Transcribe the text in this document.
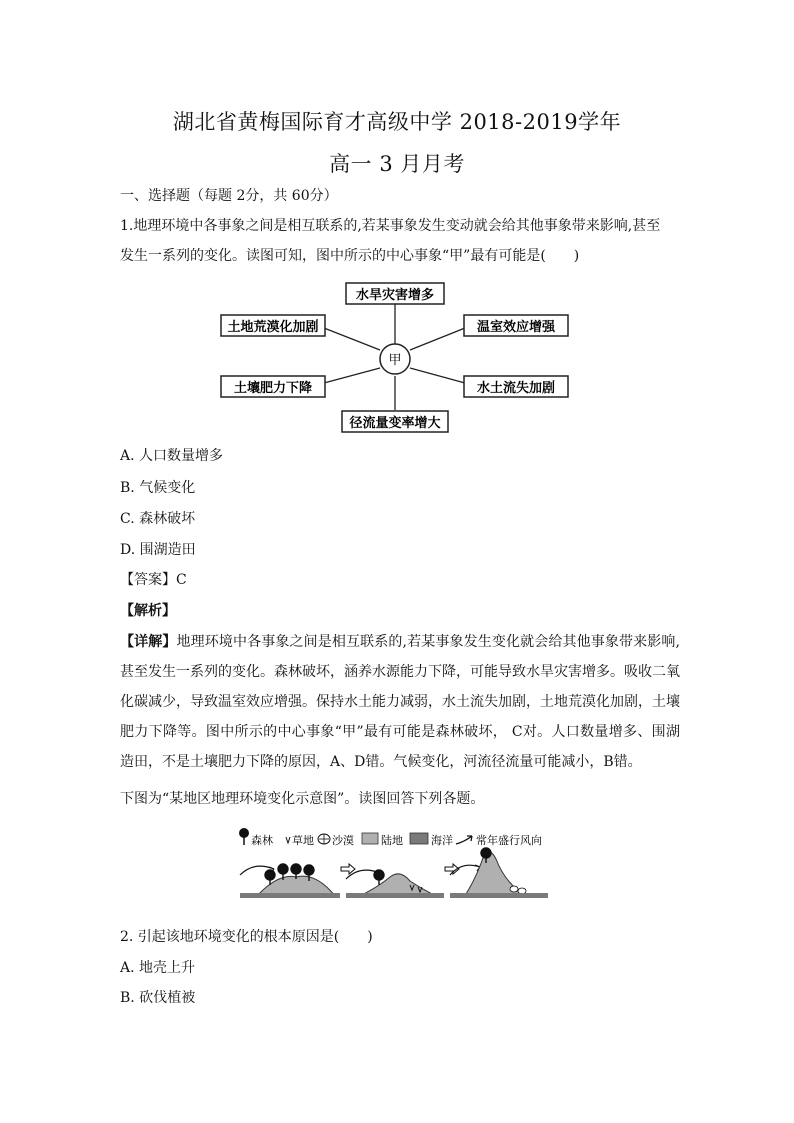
湖北省黄梅国际育才高级中学 2018-2019学年
高一 3 月月考
一、选择题（每题 2分，共 60分）
1.地理环境中各事象之间是相互联系的,若某事象发生变动就会给其他事象带来影响,甚至
发生一系列的变化。读图可知，图中所示的中心事象“甲”最有可能是(　　)
甲
水旱灾害增多
土地荒漠化加剧	温室效应增强
土壤肥力下降	水土流失加剧
径流量变率增大
A. 人口数量增多
B. 气候变化
C. 森林破坏
D. 围湖造田
【答案】C
【解析】
【详解】地理环境中各事象之间是相互联系的,若某事象发生变化就会给其他事象带来影响,甚至发生一系列的变化。森林破坏，涵养水源能力下降，可能导致水旱灾害增多。吸收二氧化碳减少，导致温室效应增强。保持水土能力减弱，水土流失加剧，土地荒漠化加剧，土壤肥力下降等。图中所示的中心事象“甲”最有可能是森林破坏， C对。人口数量增多、围湖造田，不是土壤肥力下降的原因，A、D错。气候变化，河流径流量可能减小，B错。
下图为“某地区地理环境变化示意图”。读图回答下列各题。
森林 草地 沙漠 陆地	海洋 常年盛行风向
2. 引起该地环境变化的根本原因是(　　)
A. 地壳上升
B. 砍伐植被
